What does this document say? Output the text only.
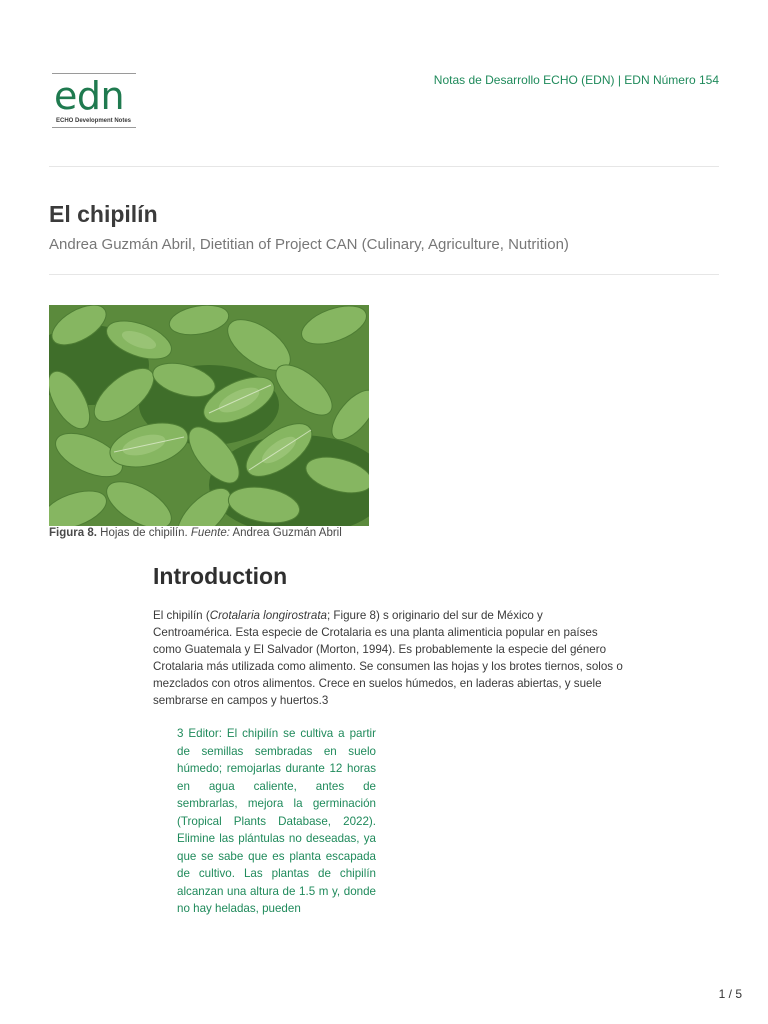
edn
ECHO Development Notes
Notas de Desarrollo ECHO (EDN) | EDN Número 154
El chipilín
Andrea Guzmán Abril, Dietitian of Project CAN (Culinary, Agriculture, Nutrition)
Figura 8. Hojas de chipilín. Fuente: Andrea Guzmán Abril
Introduction

El chipilín (Crotalaria longirostrata; Figure 8) s originario del sur de México y Centroamérica. Esta especie de Crotalaria es una planta alimenticia popular en países como Guatemala y El Salvador (Morton, 1994). Es probablemente la especie del género Crotalaria más utilizada como alimento. Se consumen las hojas y los brotes tiernos, solos o mezclados con otros alimentos. Crece en suelos húmedos, en laderas abiertas, y suele sembrarse en campos y huertos.3

3 Editor: El chipilín se cultiva a partir de semillas sembradas en suelo húmedo; remojarlas durante 12 horas en agua caliente, antes de sembrarlas, mejora la germinación (Tropical Plants Database, 2022). Elimine las plántulas no deseadas, ya que se sabe que es planta escapada de cultivo. Las plantas de chipilín alcanzan una altura de 1.5 m y, donde no hay heladas, pueden

1 / 5
